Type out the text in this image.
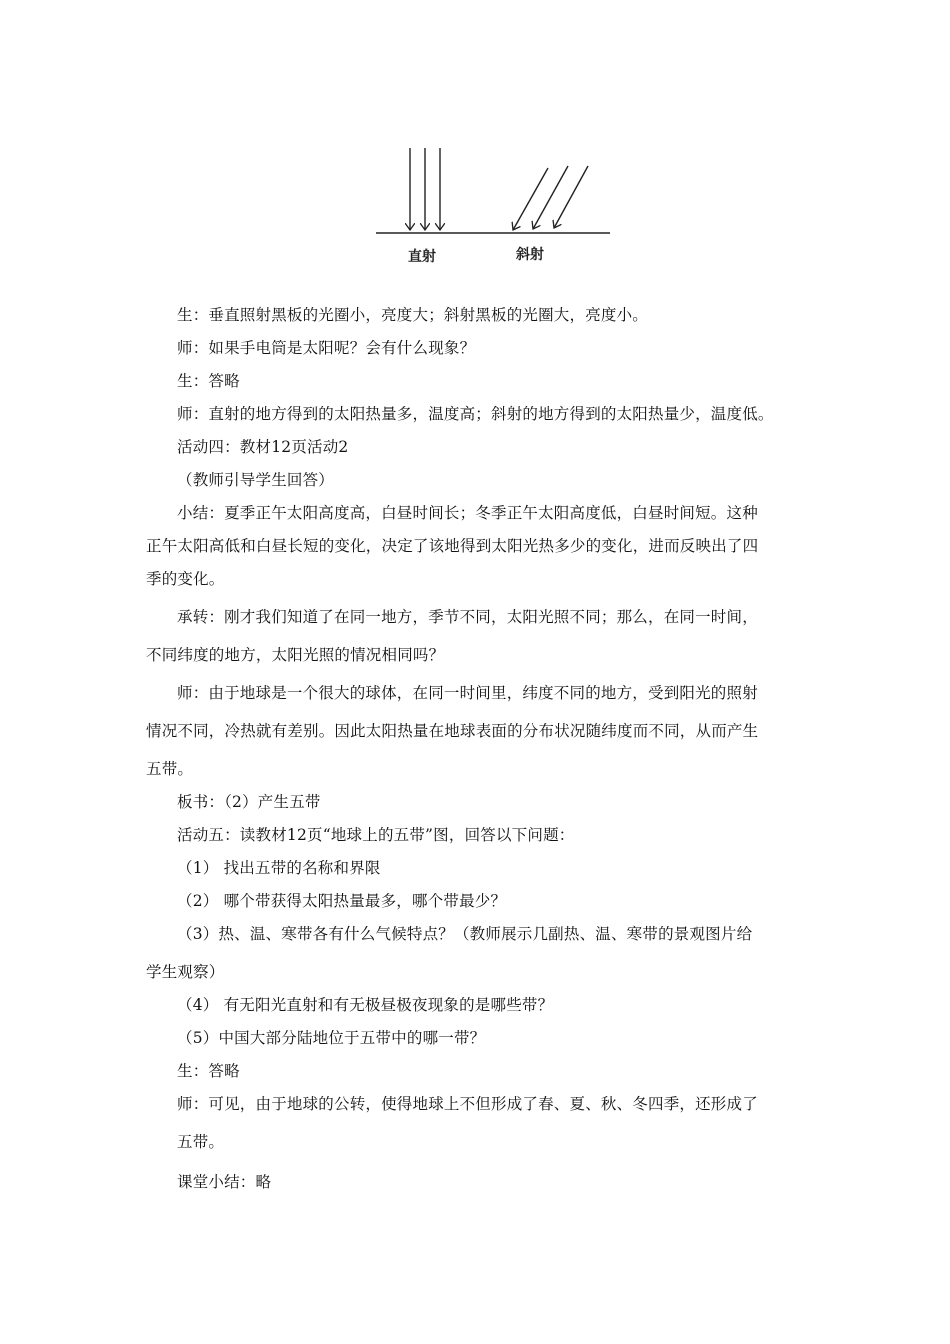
直射	斜射
生：垂直照射黑板的光圈小，亮度大；斜射黑板的光圈大，亮度小。
师：如果手电筒是太阳呢？会有什么现象？
生：答略
师：直射的地方得到的太阳热量多，温度高；斜射的地方得到的太阳热量少，温度低。
活动四：教材12页活动2
（教师引导学生回答）
小结：夏季正午太阳高度高，白昼时间长；冬季正午太阳高度低，白昼时间短。这种
正午太阳高低和白昼长短的变化，决定了该地得到太阳光热多少的变化，进而反映出了四
季的变化。
承转：刚才我们知道了在同一地方，季节不同，太阳光照不同；那么，在同一时间，
不同纬度的地方，太阳光照的情况相同吗？
师：由于地球是一个很大的球体，在同一时间里，纬度不同的地方，受到阳光的照射
情况不同，冷热就有差别。因此太阳热量在地球表面的分布状况随纬度而不同，从而产生
五带。
板书：（2）产生五带
活动五：读教材12页“地球上的五带”图，回答以下问题：
（1） 找出五带的名称和界限
（2） 哪个带获得太阳热量最多，哪个带最少？
（3）热、温、寒带各有什么气候特点？（教师展示几副热、温、寒带的景观图片给
学生观察）
（4） 有无阳光直射和有无极昼极夜现象的是哪些带？
（5）中国大部分陆地位于五带中的哪一带？
生：答略
师：可见，由于地球的公转，使得地球上不但形成了春、夏、秋、冬四季，还形成了
五带。
课堂小结：略
